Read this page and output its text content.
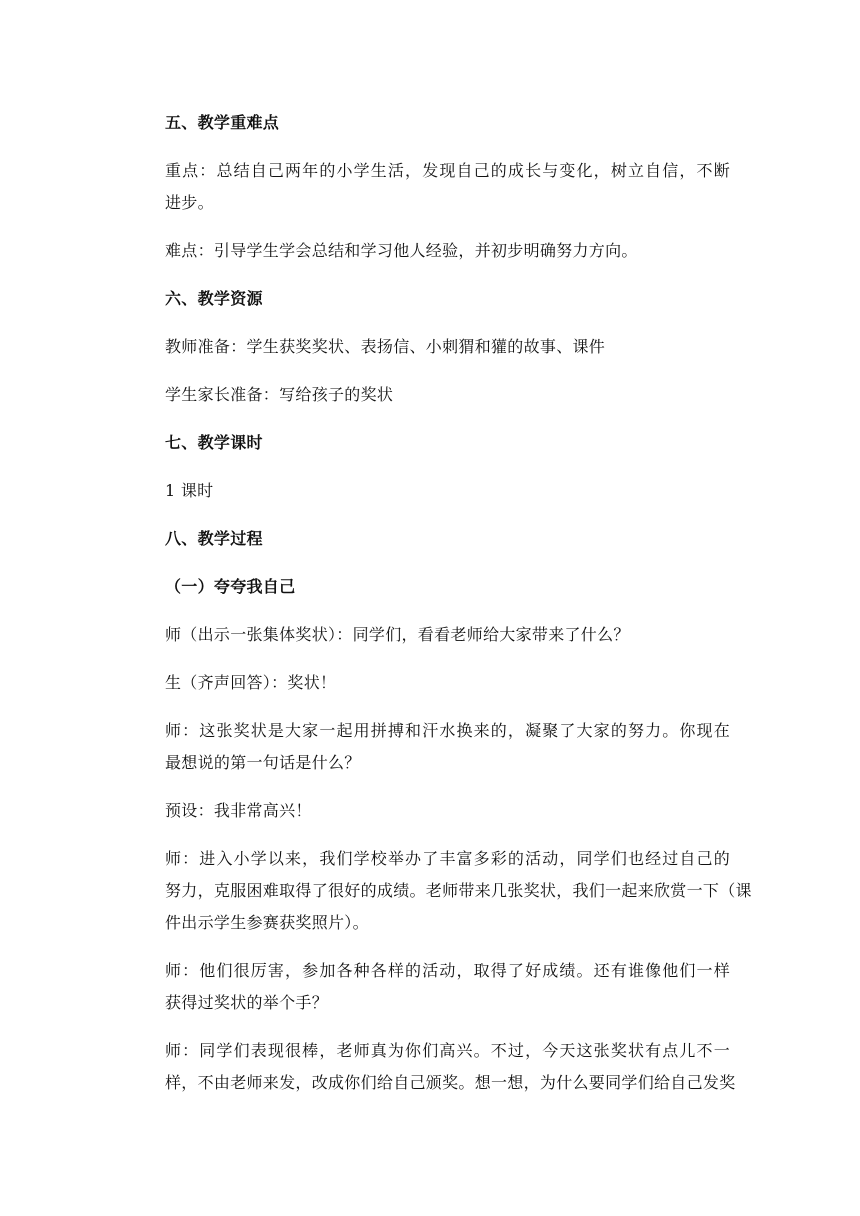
五、教学重难点
重点：总结自己两年的小学生活，发现自己的成长与变化，树立自信，不断
进步。
难点：引导学生学会总结和学习他人经验，并初步明确努力方向。
六、教学资源
教师准备：学生获奖奖状、表扬信、小刺猬和獾的故事、课件
学生家长准备：写给孩子的奖状
七、教学课时
1 课时
八、教学过程
（一）夸夸我自己
师（出示一张集体奖状）：同学们，看看老师给大家带来了什么？
生（齐声回答）：奖状！
师：这张奖状是大家一起用拼搏和汗水换来的，凝聚了大家的努力。你现在
最想说的第一句话是什么？
预设：我非常高兴！
师：进入小学以来，我们学校举办了丰富多彩的活动，同学们也经过自己的
努力，克服困难取得了很好的成绩。老师带来几张奖状，我们一起来欣赏一下（课
件出示学生参赛获奖照片）。
师：他们很厉害，参加各种各样的活动，取得了好成绩。还有谁像他们一样
获得过奖状的举个手？
师：同学们表现很棒，老师真为你们高兴。不过，今天这张奖状有点儿不一
样，不由老师来发，改成你们给自己颁奖。想一想，为什么要同学们给自己发奖
